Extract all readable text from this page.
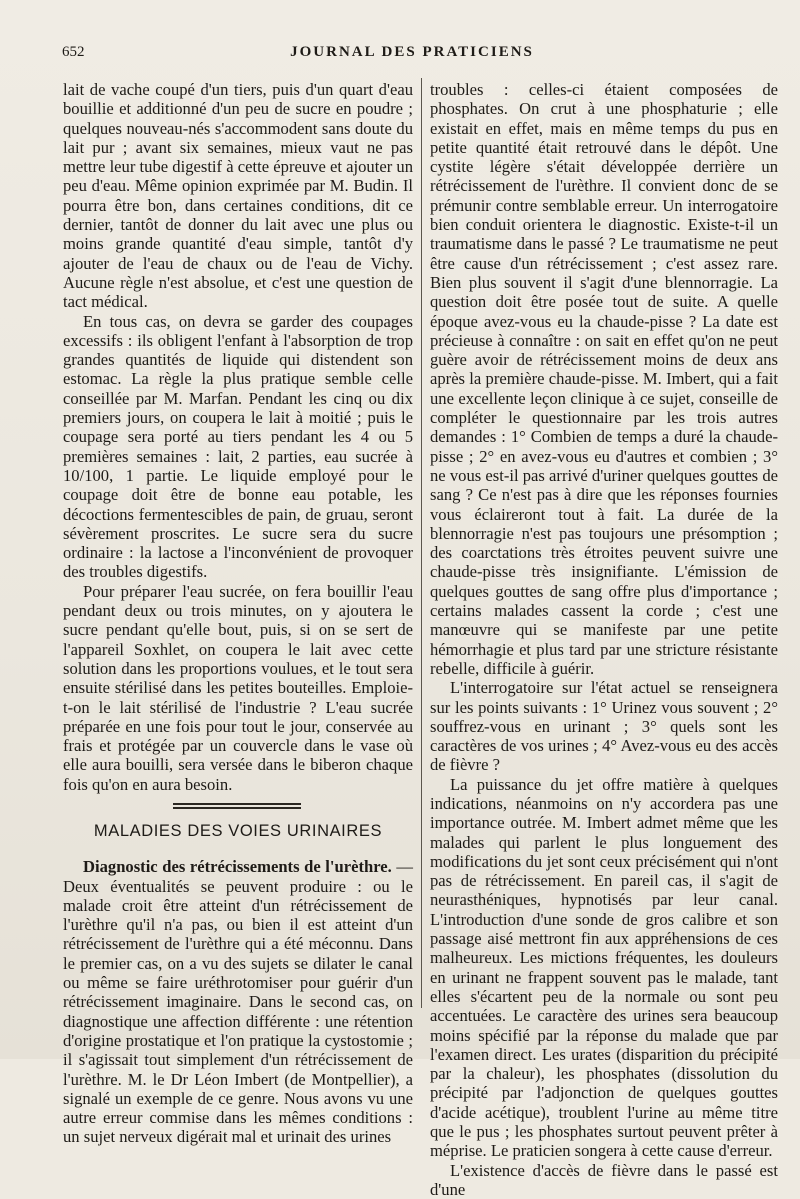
652	JOURNAL DES PRATICIENS

lait de vache coupé d'un tiers, puis d'un quart d'eau bouillie et additionné d'un peu de sucre en poudre ; quelques nouveau-nés s'accommodent sans doute du lait pur ; avant six semaines, mieux vaut ne pas mettre leur tube digestif à cette épreuve et ajouter un peu d'eau. Même opinion exprimée par M. Budin. Il pourra être bon, dans certaines conditions, dit ce dernier, tantôt de donner du lait avec une plus ou moins grande quantité d'eau simple, tantôt d'y ajouter de l'eau de chaux ou de l'eau de Vichy. Aucune règle n'est absolue, et c'est une question de tact médical.

En tous cas, on devra se garder des coupages excessifs : ils obligent l'enfant à l'absorption de trop grandes quantités de liquide qui distendent son estomac. La règle la plus pratique semble celle conseillée par M. Marfan. Pendant les cinq ou dix premiers jours, on coupera le lait à moitié ; puis le coupage sera porté au tiers pendant les 4 ou 5 premières semaines : lait, 2 parties, eau sucrée à 10/100, 1 partie. Le liquide employé pour le coupage doit être de bonne eau potable, les décoctions fermentescibles de pain, de gruau, seront sévèrement proscrites. Le sucre sera du sucre ordinaire : la lactose a l'inconvénient de provoquer des troubles digestifs.

Pour préparer l'eau sucrée, on fera bouillir l'eau pendant deux ou trois minutes, on y ajoutera le sucre pendant qu'elle bout, puis, si on se sert de l'appareil Soxhlet, on coupera le lait avec cette solution dans les proportions voulues, et le tout sera ensuite stérilisé dans les petites bouteilles. Emploie-t-on le lait stérilisé de l'industrie ? L'eau sucrée préparée en une fois pour tout le jour, conservée au frais et protégée par un couvercle dans le vase où elle aura bouilli, sera versée dans le biberon chaque fois qu'on en aura besoin.

MALADIES DES VOIES URINAIRES

Diagnostic des rétrécissements de l'urèthre. — Deux éventualités se peuvent produire : ou le malade croit être atteint d'un rétrécissement de l'urèthre qu'il n'a pas, ou bien il est atteint d'un rétrécissement de l'urèthre qui a été méconnu. Dans le premier cas, on a vu des sujets se dilater le canal ou même se faire uréthrotomiser pour guérir d'un rétrécissement imaginaire. Dans le second cas, on diagnostique une affection différente : une rétention d'origine prostatique et l'on pratique la cystostomie ; il s'agissait tout simplement d'un rétrécissement de l'urèthre. M. le Dr Léon Imbert (de Montpellier), a signalé un exemple de ce genre. Nous avons vu une autre erreur commise dans les mêmes conditions : un sujet nerveux digérait mal et urinait des urines

troubles : celles-ci étaient composées de phosphates. On crut à une phosphaturie ; elle existait en effet, mais en même temps du pus en petite quantité était retrouvé dans le dépôt. Une cystite légère s'était développée derrière un rétrécissement de l'urèthre. Il convient donc de se prémunir contre semblable erreur. Un interrogatoire bien conduit orientera le diagnostic. Existe-t-il un traumatisme dans le passé ? Le traumatisme ne peut être cause d'un rétrécissement ; c'est assez rare. Bien plus souvent il s'agit d'une blennorragie. La question doit être posée tout de suite. A quelle époque avez-vous eu la chaude-pisse ? La date est précieuse à connaître : on sait en effet qu'on ne peut guère avoir de rétrécissement moins de deux ans après la première chaude-pisse. M. Imbert, qui a fait une excellente leçon clinique à ce sujet, conseille de compléter le questionnaire par les trois autres demandes : 1° Combien de temps a duré la chaude-pisse ; 2° en avez-vous eu d'autres et combien ; 3° ne vous est-il pas arrivé d'uriner quelques gouttes de sang ? Ce n'est pas à dire que les réponses fournies vous éclaireront tout à fait. La durée de la blennorragie n'est pas toujours une présomption ; des coarctations très étroites peuvent suivre une chaude-pisse très insignifiante. L'émission de quelques gouttes de sang offre plus d'importance ; certains malades cassent la corde ; c'est une manœuvre qui se manifeste par une petite hémorrhagie et plus tard par une stricture résistante rebelle, difficile à guérir.

L'interrogatoire sur l'état actuel se renseignera sur les points suivants : 1° Urinez vous souvent ; 2° souffrez-vous en urinant ; 3° quels sont les caractères de vos urines ; 4° Avez-vous eu des accès de fièvre ?

La puissance du jet offre matière à quelques indications, néanmoins on n'y accordera pas une importance outrée. M. Imbert admet même que les malades qui parlent le plus longuement des modifications du jet sont ceux précisément qui n'ont pas de rétrécissement. En pareil cas, il s'agit de neurasthéniques, hypnotisés par leur canal. L'introduction d'une sonde de gros calibre et son passage aisé mettront fin aux appréhensions de ces malheureux. Les mictions fréquentes, les douleurs en urinant ne frappent souvent pas le malade, tant elles s'écartent peu de la normale ou sont peu accentuées. Le caractère des urines sera beaucoup moins spécifié par la réponse du malade que par l'examen direct. Les urates (disparition du précipité par la chaleur), les phosphates (dissolution du précipité par l'adjonction de quelques gouttes d'acide acétique), troublent l'urine au même titre que le pus ; les phosphates surtout peuvent prêter à méprise. Le praticien songera à cette cause d'erreur.

L'existence d'accès de fièvre dans le passé est d'une
